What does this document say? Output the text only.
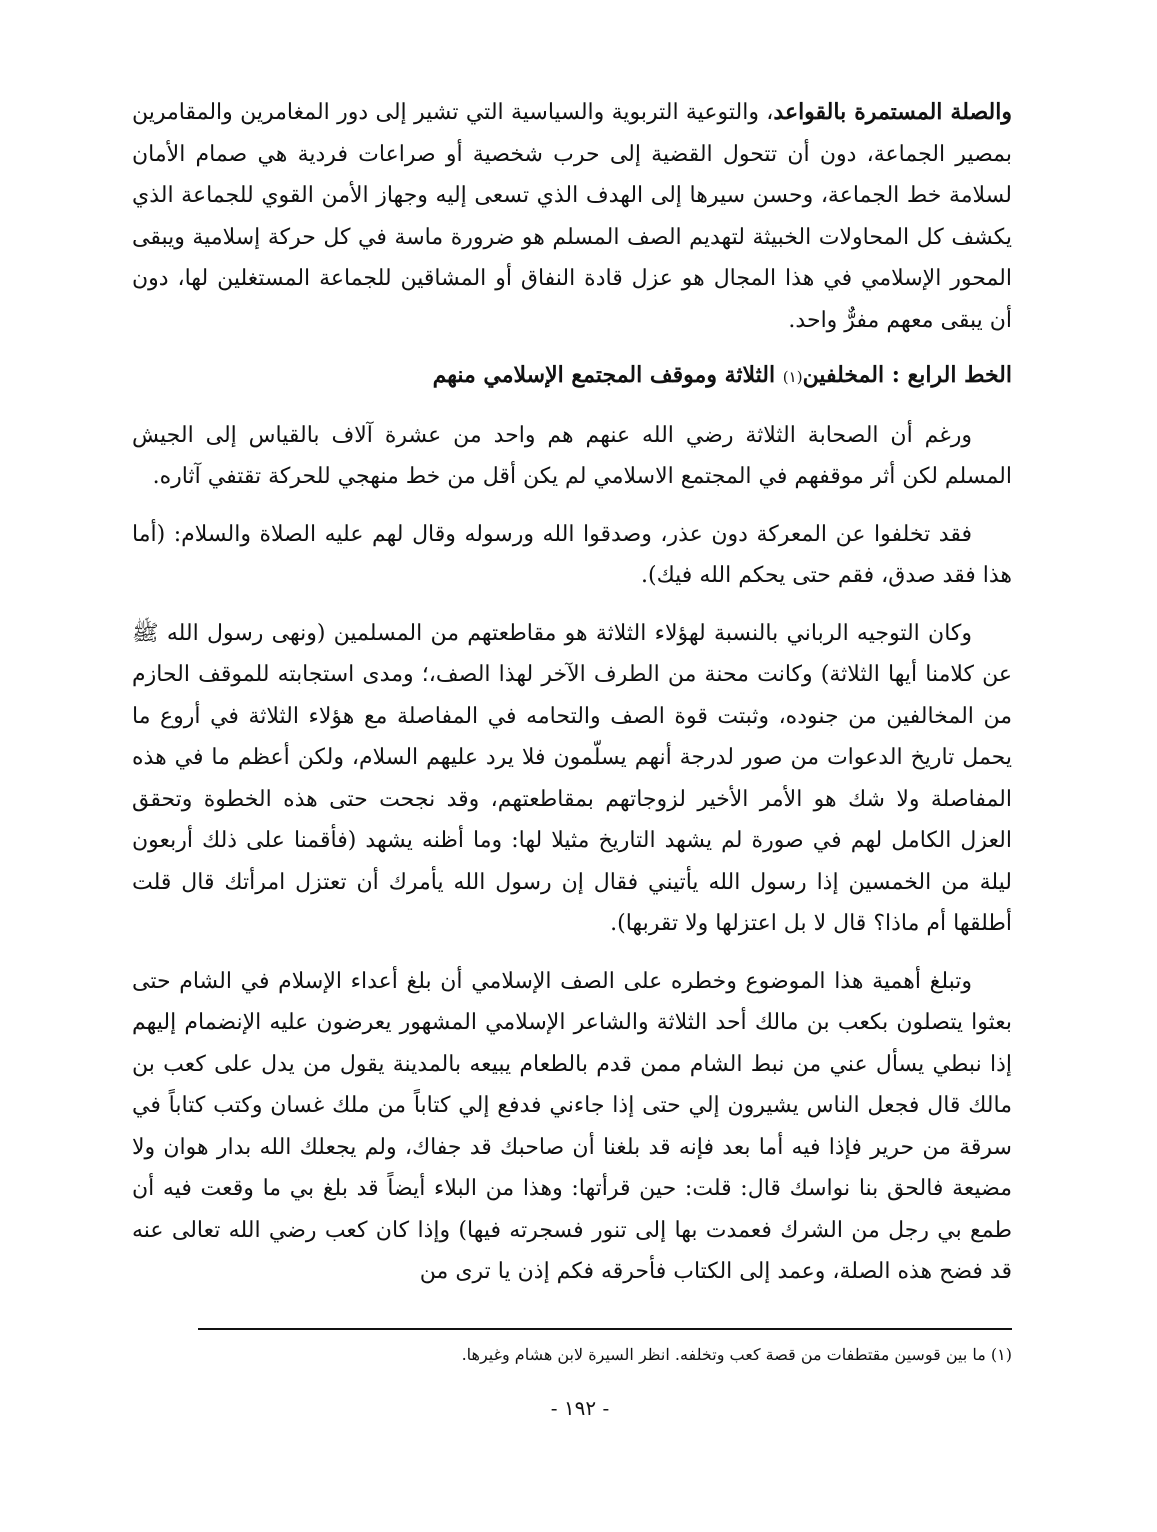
والصلة المستمرة بالقواعد، والتوعية التربوية والسياسية التي تشير إلى دور المغامرين والمقامرين بمصير الجماعة، دون أن تتحول القضية إلى حرب شخصية أو صراعات فردية هي صمام الأمان لسلامة خط الجماعة، وحسن سيرها إلى الهدف الذي تسعى إليه وجهاز الأمن القوي للجماعة الذي يكشف كل المحاولات الخبيثة لتهديم الصف المسلم هو ضرورة ماسة في كل حركة إسلامية ويبقى المحور الإسلامي في هذا المجال هو عزل قادة النفاق أو المشاقين للجماعة المستغلين لها، دون أن يبقى معهم مفرٌّ واحد.

الخط الرابع : المخلفين(١) الثلاثة وموقف المجتمع الإسلامي منهم

ورغم أن الصحابة الثلاثة رضي الله عنهم هم واحد من عشرة آلاف بالقياس إلى الجيش المسلم لكن أثر موقفهم في المجتمع الاسلامي لم يكن أقل من خط منهجي للحركة تقتفي آثاره.

فقد تخلفوا عن المعركة دون عذر، وصدقوا الله ورسوله وقال لهم عليه الصلاة والسلام: (أما هذا فقد صدق، فقم حتى يحكم الله فيك).

وكان التوجيه الرباني بالنسبة لهؤلاء الثلاثة هو مقاطعتهم من المسلمين (ونهى رسول الله ﷺ عن كلامنا أيها الثلاثة) وكانت محنة من الطرف الآخر لهذا الصف،؛ ومدى استجابته للموقف الحازم من المخالفين من جنوده، وثبتت قوة الصف والتحامه في المفاصلة مع هؤلاء الثلاثة في أروع ما يحمل تاريخ الدعوات من صور لدرجة أنهم يسلّمون فلا يرد عليهم السلام، ولكن أعظم ما في هذه المفاصلة ولا شك هو الأمر الأخير لزوجاتهم بمقاطعتهم، وقد نجحت حتى هذه الخطوة وتحقق العزل الكامل لهم في صورة لم يشهد التاريخ مثيلا لها: وما أظنه يشهد (فأقمنا على ذلك أربعون ليلة من الخمسين إذا رسول الله يأتيني فقال إن رسول الله يأمرك أن تعتزل امرأتك قال قلت أطلقها أم ماذا؟ قال لا بل اعتزلها ولا تقربها).

وتبلغ أهمية هذا الموضوع وخطره على الصف الإسلامي أن بلغ أعداء الإسلام في الشام حتى بعثوا يتصلون بكعب بن مالك أحد الثلاثة والشاعر الإسلامي المشهور يعرضون عليه الإنضمام إليهم إذا نبطي يسأل عني من نبط الشام ممن قدم بالطعام يبيعه بالمدينة يقول من يدل على كعب بن مالك قال فجعل الناس يشيرون إلي حتى إذا جاءني فدفع إلي كتاباً من ملك غسان وكتب كتاباً في سرقة من حرير فإذا فيه أما بعد فإنه قد بلغنا أن صاحبك قد جفاك، ولم يجعلك الله بدار هوان ولا مضيعة فالحق بنا نواسك قال: قلت: حين قرأتها: وهذا من البلاء أيضاً قد بلغ بي ما وقعت فيه أن طمع بي رجل من الشرك فعمدت بها إلى تنور فسجرته فيها) وإذا كان كعب رضي الله تعالى عنه قد فضح هذه الصلة، وعمد إلى الكتاب فأحرقه فكم إذن يا ترى من

(١) ما بين قوسين مقتطفات من قصة كعب وتخلفه. انظر السيرة لابن هشام وغيرها.
- ١٩٢ -
